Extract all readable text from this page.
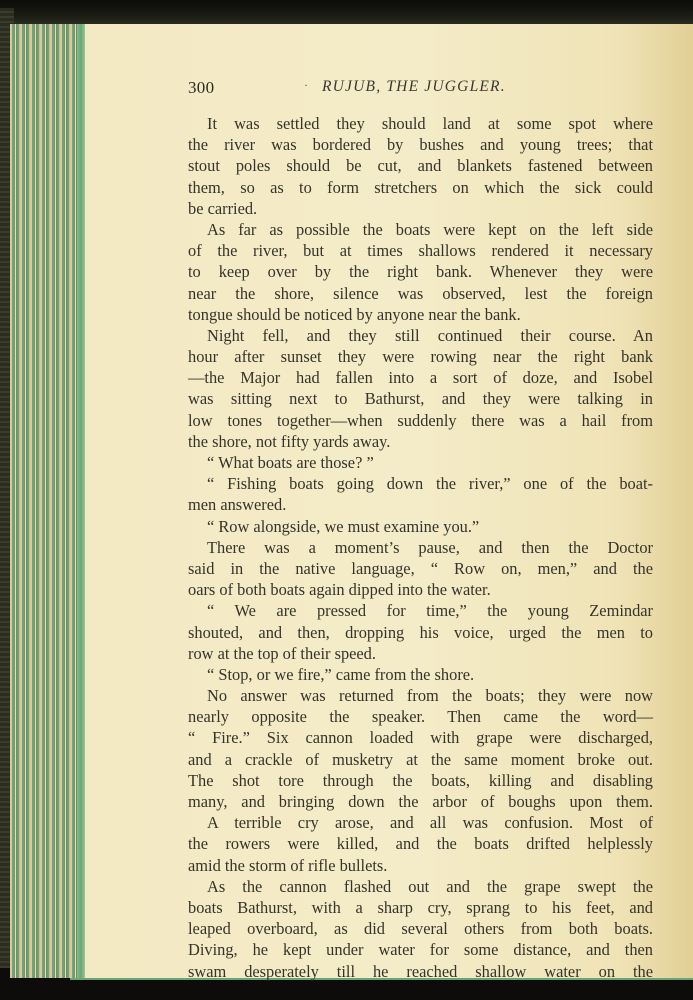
300	· RUJUB, THE JUGGLER.
It was settled they should land at some spot where
the river was bordered by bushes and young trees; that
stout poles should be cut, and blankets fastened between
them, so as to form stretchers on which the sick could
be carried.
As far as possible the boats were kept on the left side
of the river, but at times shallows rendered it necessary
to keep over by the right bank. Whenever they were
near the shore, silence was observed, lest the foreign
tongue should be noticed by anyone near the bank.
Night fell, and they still continued their course. An
hour after sunset they were rowing near the right bank
—the Major had fallen into a sort of doze, and Isobel
was sitting next to Bathurst, and they were talking in
low tones together—when suddenly there was a hail from
the shore, not fifty yards away.
“ What boats are those? ”
“ Fishing boats going down the river,” one of the boat-
men answered.
“ Row alongside, we must examine you.”
There was a moment’s pause, and then the Doctor
said in the native language, “ Row on, men,” and the
oars of both boats again dipped into the water.
“ We are pressed for time,” the young Zemindar
shouted, and then, dropping his voice, urged the men to
row at the top of their speed.
“ Stop, or we fire,” came from the shore.
No answer was returned from the boats; they were now
nearly opposite the speaker. Then came the word—
“ Fire.” Six cannon loaded with grape were discharged,
and a crackle of musketry at the same moment broke out.
The shot tore through the boats, killing and disabling
many, and bringing down the arbor of boughs upon them.
A terrible cry arose, and all was confusion. Most of
the rowers were killed, and the boats drifted helplessly
amid the storm of rifle bullets.
As the cannon flashed out and the grape swept the
boats Bathurst, with a sharp cry, sprang to his feet, and
leaped overboard, as did several others from both boats.
Diving, he kept under water for some distance, and then
swam desperately till he reached shallow water on the
